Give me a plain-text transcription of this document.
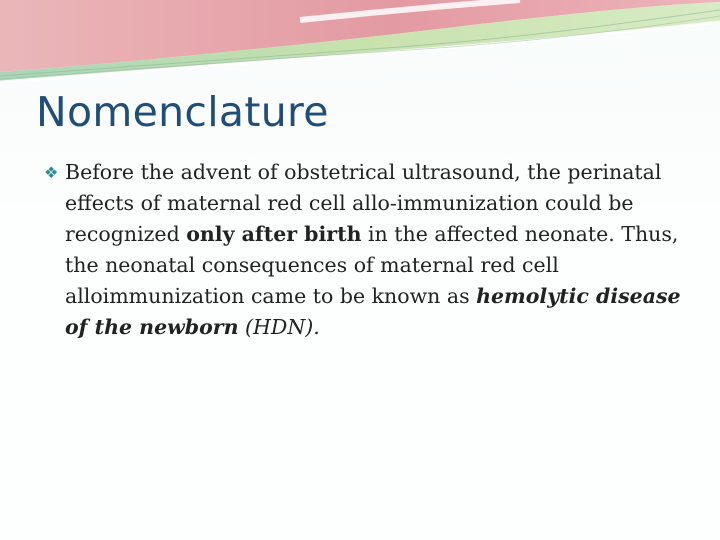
Nomenclature
❖ Before the advent of obstetrical ultrasound, the perinatal effects of maternal red cell allo-immunization could be recognized only after birth in the affected neonate. Thus, the neonatal consequences of maternal red cell alloimmunization came to be known as hemolytic disease of the newborn (HDN).
